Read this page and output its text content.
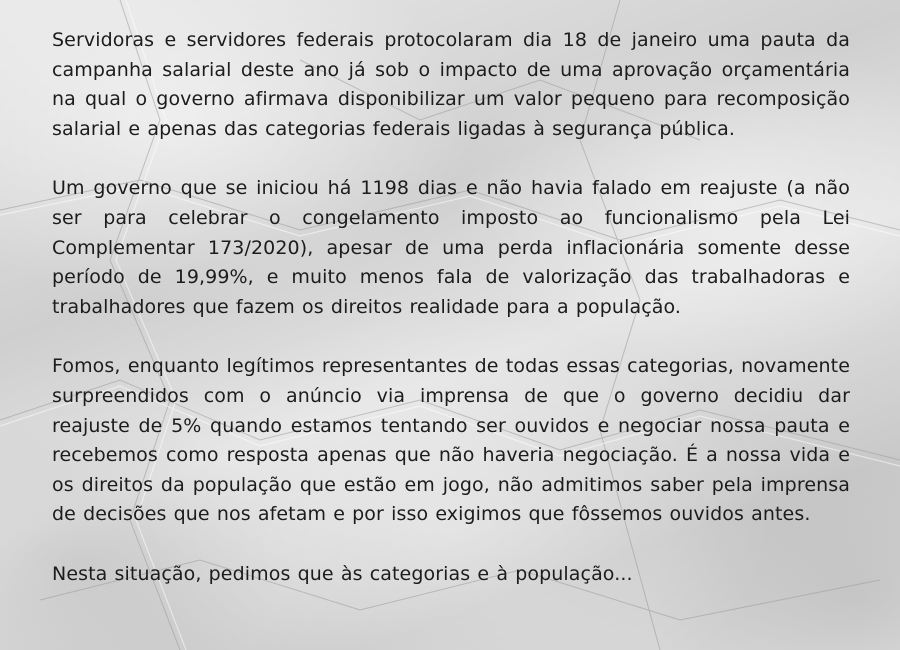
Servidoras e servidores federais protocolaram dia 18 de janeiro uma pauta da campanha salarial deste ano já sob o impacto de uma aprovação orçamentária na qual o governo afirmava disponibilizar um valor pequeno para recomposição salarial e apenas das categorias federais ligadas à segurança pública.

Um governo que se iniciou há 1198 dias e não havia falado em reajuste (a não ser para celebrar o congelamento imposto ao funcionalismo pela Lei Complementar 173/2020), apesar de uma perda inflacionária somente desse período de 19,99%, e muito menos fala de valorização das trabalhadoras e trabalhadores que fazem os direitos realidade para a população.

Fomos, enquanto legítimos representantes de todas essas categorias, novamente surpreendidos com o anúncio via imprensa de que o governo decidiu dar reajuste de 5% quando estamos tentando ser ouvidos e negociar nossa pauta e recebemos como resposta apenas que não haveria negociação. É a nossa vida e os direitos da população que estão em jogo, não admitimos saber pela imprensa de decisões que nos afetam e por isso exigimos que fôssemos ouvidos antes.

Nesta situação, pedimos que às categorias e à população...
